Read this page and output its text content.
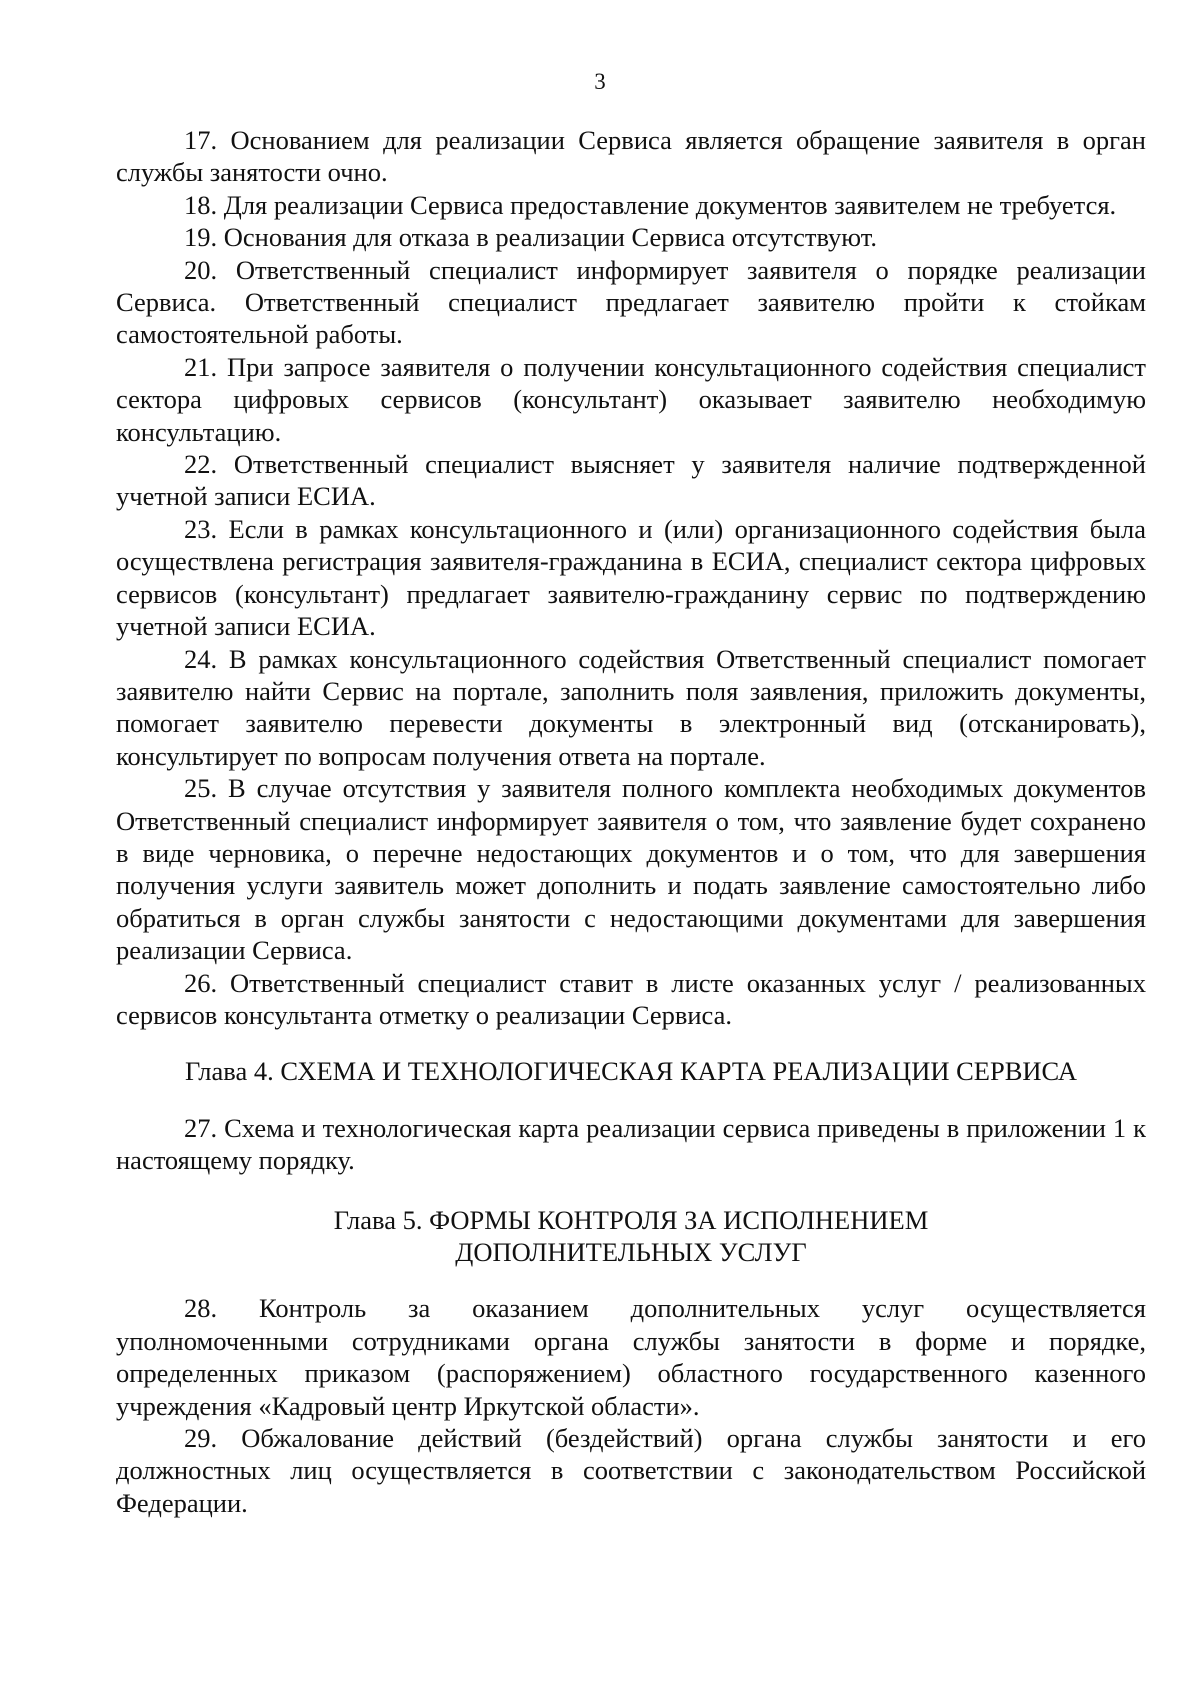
3

17. Основанием для реализации Сервиса является обращение заявителя в орган службы занятости очно.

18. Для реализации Сервиса предоставление документов заявителем не требуется.

19. Основания для отказа в реализации Сервиса отсутствуют.

20. Ответственный специалист информирует заявителя о порядке реализации Сервиса. Ответственный специалист предлагает заявителю пройти к стойкам самостоятельной работы.

21. При запросе заявителя о получении консультационного содействия специалист сектора цифровых сервисов (консультант) оказывает заявителю необходимую консультацию.

22. Ответственный специалист выясняет у заявителя наличие подтвержденной учетной записи ЕСИА.

23. Если в рамках консультационного и (или) организационного содействия была осуществлена регистрация заявителя-гражданина в ЕСИА, специалист сектора цифровых сервисов (консультант) предлагает заявителю-гражданину сервис по подтверждению учетной записи ЕСИА.

24. В рамках консультационного содействия Ответственный специалист помогает заявителю найти Сервис на портале, заполнить поля заявления, приложить документы, помогает заявителю перевести документы в электронный вид (отсканировать), консультирует по вопросам получения ответа на портале.

25. В случае отсутствия у заявителя полного комплекта необходимых документов Ответственный специалист информирует заявителя о том, что заявление будет сохранено в виде черновика, о перечне недостающих документов и о том, что для завершения получения услуги заявитель может дополнить и подать заявление самостоятельно либо обратиться в орган службы занятости с недостающими документами для завершения реализации Сервиса.

26. Ответственный специалист ставит в листе оказанных услуг / реализованных сервисов консультанта отметку о реализации Сервиса.

Глава 4. СХЕМА И ТЕХНОЛОГИЧЕСКАЯ КАРТА РЕАЛИЗАЦИИ СЕРВИСА

27. Схема и технологическая карта реализации сервиса приведены в приложении 1 к настоящему порядку.

Глава 5. ФОРМЫ КОНТРОЛЯ ЗА ИСПОЛНЕНИЕМ
ДОПОЛНИТЕЛЬНЫХ УСЛУГ

28. Контроль за оказанием дополнительных услуг осуществляется уполномоченными сотрудниками органа службы занятости в форме и порядке, определенных приказом (распоряжением) областного государственного казенного учреждения «Кадровый центр Иркутской области».

29. Обжалование действий (бездействий) органа службы занятости и его должностных лиц осуществляется в соответствии с законодательством Российской Федерации.
